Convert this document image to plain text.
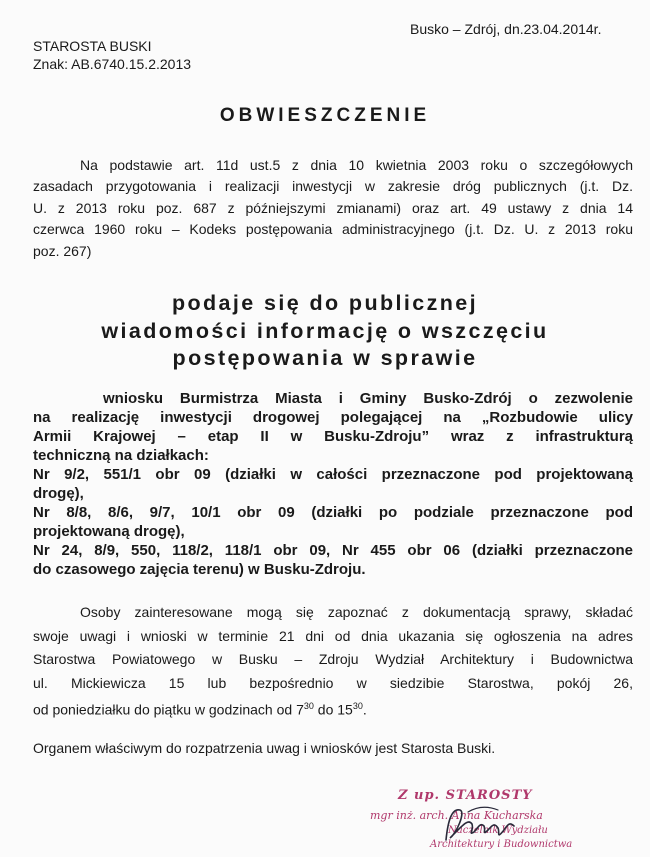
Busko – Zdrój, dn.23.04.2014r.
STAROSTA BUSKI
Znak: AB.6740.15.2.2013
OBWIESZCZENIE
Na podstawie art. 11d ust.5 z dnia 10 kwietnia 2003 roku o szczegółowych
zasadach przygotowania i realizacji inwestycji w zakresie dróg publicznych (j.t. Dz.
U. z 2013 roku poz. 687 z późniejszymi zmianami) oraz art. 49 ustawy z dnia 14
czerwca 1960 roku – Kodeks postępowania administracyjnego (j.t. Dz. U. z 2013 roku
poz. 267)
podaje się do publicznej
wiadomości informację o wszczęciu
postępowania w sprawie
wniosku Burmistrza Miasta i Gminy Busko-Zdrój o zezwolenie
na realizację inwestycji drogowej polegającej na „Rozbudowie ulicy
Armii Krajowej – etap II w Busku-Zdroju” wraz z infrastrukturą
techniczną na działkach:
Nr 9/2, 551/1 obr 09 (działki w całości przeznaczone pod projektowaną
drogę),
Nr 8/8, 8/6, 9/7, 10/1 obr 09 (działki po podziale przeznaczone pod
projektowaną drogę),
Nr 24, 8/9, 550, 118/2, 118/1 obr 09, Nr 455 obr 06 (działki przeznaczone
do czasowego zajęcia terenu) w Busku-Zdroju.
Osoby zainteresowane mogą się zapoznać z dokumentacją sprawy, składać
swoje uwagi i wnioski w terminie 21 dni od dnia ukazania się ogłoszenia na adres
Starostwa Powiatowego w Busku – Zdroju Wydział Architektury i Budownictwa
ul. Mickiewicza 15 lub bezpośrednio w siedzibie Starostwa, pokój 26,
od poniedziałku do piątku w godzinach od $7^{30}$ do $15^{30}$.
Organem właściwym do rozpatrzenia uwag i wniosków jest Starosta Buski.
Z up. STAROSTY
mgr inż. arch. Anna Kucharska
Naczelnik Wydziału
Architektury i Budownictwa
